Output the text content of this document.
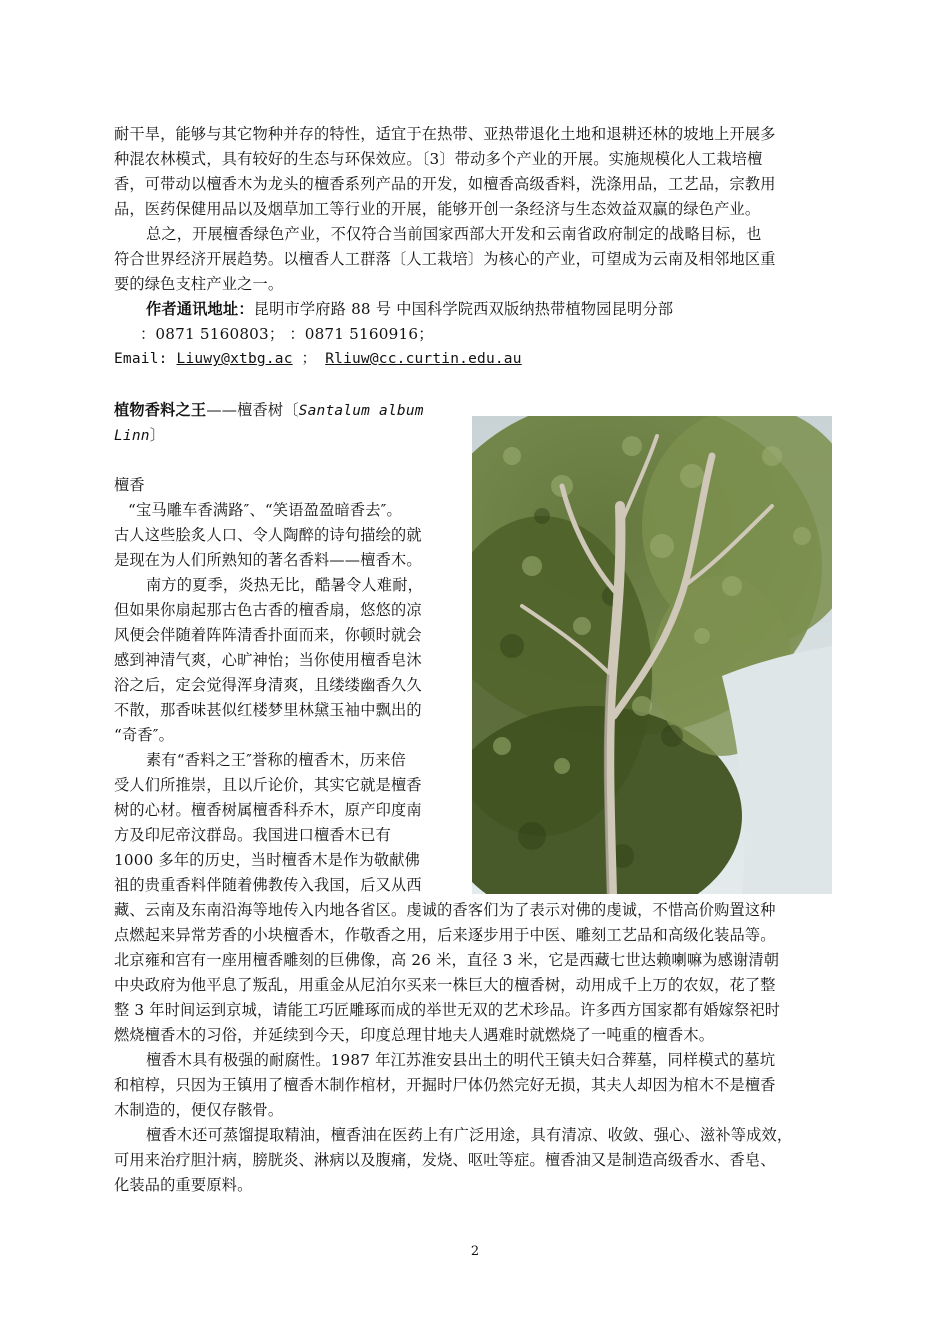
耐干旱，能够与其它物种并存的特性，适宜于在热带、亚热带退化土地和退耕还林的坡地上开展多
种混农林模式，具有较好的生态与环保效应。〔3〕带动多个产业的开展。实施规模化人工栽培檀
香，可带动以檀香木为龙头的檀香系列产品的开发，如檀香高级香料，洗涤用品，工艺品，宗教用
品，医药保健用品以及烟草加工等行业的开展，能够开创一条经济与生态效益双赢的绿色产业。
总之，开展檀香绿色产业，不仅符合当前国家西部大开发和云南省政府制定的战略目标，也
符合世界经济开展趋势。以檀香人工群落〔人工栽培〕为核心的产业，可望成为云南及相邻地区重
要的绿色支柱产业之一。
作者通讯地址：昆明市学府路 88 号 中国科学院西双版纳热带植物园昆明分部
：0871 5160803； ：0871 5160916；
Email: Liuwy@xtbg.ac ； Rliuw@cc.curtin.edu.au
植物香料之王——檀香树〔Santalum album
Linn〕
檀香
“宝马雕车香满路″、“笑语盈盈暗香去″。
古人这些脍炙人口、令人陶醉的诗句描绘的就
是现在为人们所熟知的著名香料——檀香木。
南方的夏季，炎热无比，酷暑令人难耐，
但如果你扇起那古色古香的檀香扇，悠悠的凉
风便会伴随着阵阵清香扑面而来，你顿时就会
感到神清气爽，心旷神怡；当你使用檀香皂沐
浴之后，定会觉得浑身清爽，且缕缕幽香久久
不散，那香味甚似红楼梦里林黛玉袖中飘出的
“奇香″。
素有“香料之王″誉称的檀香木，历来倍
受人们所推崇，且以斤论价，其实它就是檀香
树的心材。檀香树属檀香科乔木，原产印度南
方及印尼帝汶群岛。我国进口檀香木已有
1000 多年的历史，当时檀香木是作为敬献佛
祖的贵重香料伴随着佛教传入我国，后又从西
藏、云南及东南沿海等地传入内地各省区。虔诚的香客们为了表示对佛的虔诚，不惜高价购置这种
点燃起来异常芳香的小块檀香木，作敬香之用，后来逐步用于中医、雕刻工艺品和高级化装品等。
北京雍和宫有一座用檀香雕刻的巨佛像，高 26 米，直径 3 米，它是西藏七世达赖喇嘛为感谢清朝
中央政府为他平息了叛乱，用重金从尼泊尔买来一株巨大的檀香树，动用成千上万的农奴，花了整
整 3 年时间运到京城，请能工巧匠雕琢而成的举世无双的艺术珍品。许多西方国家都有婚嫁祭祀时
燃烧檀香木的习俗，并延续到今天，印度总理甘地夫人遇难时就燃烧了一吨重的檀香木。
檀香木具有极强的耐腐性。1987 年江苏淮安县出土的明代王镇夫妇合葬墓，同样模式的墓坑
和棺椁，只因为王镇用了檀香木制作棺材，开掘时尸体仍然完好无损，其夫人却因为棺木不是檀香
木制造的，便仅存骸骨。
檀香木还可蒸馏提取精油，檀香油在医药上有广泛用途，具有清凉、收敛、强心、滋补等成效，
可用来治疗胆汁病，膀胱炎、淋病以及腹痛，发烧、呕吐等症。檀香油又是制造高级香水、香皂、
化装品的重要原料。
2
